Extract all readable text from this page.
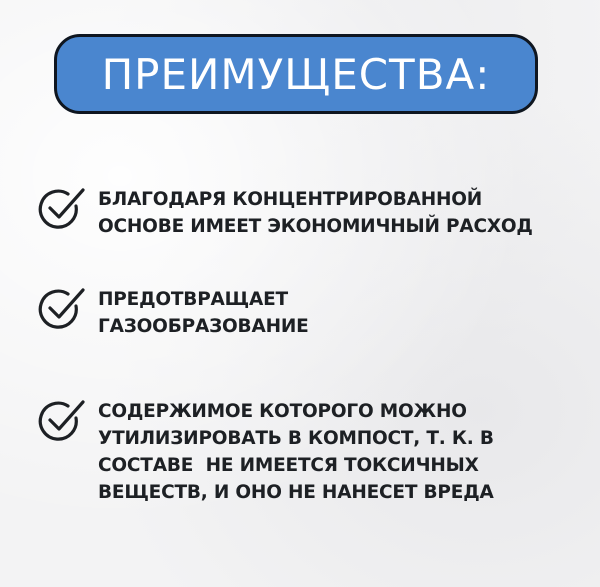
ПРЕИМУЩЕСТВА:
БЛАГОДАРЯ КОНЦЕНТРИРОВАННОЙ
ОСНОВЕ ИМЕЕТ ЭКОНОМИЧНЫЙ РАСХОД
ПРЕДОТВРАЩАЕТ
ГАЗООБРАЗОВАНИЕ
СОДЕРЖИМОЕ КОТОРОГО МОЖНО
УТИЛИЗИРОВАТЬ В КОМПОСТ, Т. К. В
СОСТАВЕ  НЕ ИМЕЕТСЯ ТОКСИЧНЫХ
ВЕЩЕСТВ, И ОНО НЕ НАНЕСЕТ ВРЕДА
